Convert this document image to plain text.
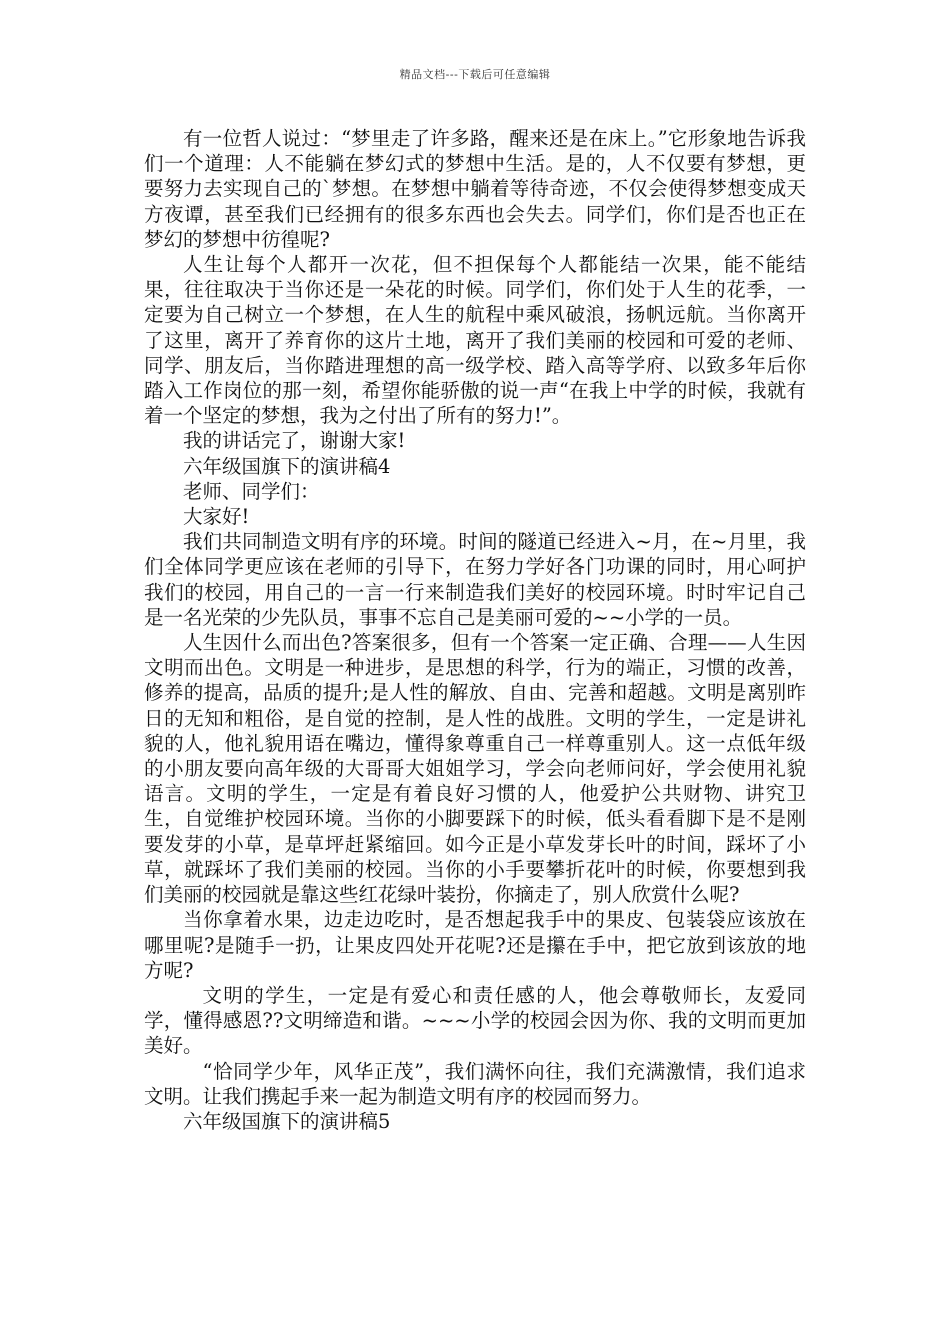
精品文档---下载后可任意编辑

有一位哲人说过：“梦里走了许多路，醒来还是在床上。”它形象地告诉我们一个道理：人不能躺在梦幻式的梦想中生活。是的，人不仅要有梦想，更要努力去实现自己的`梦想。在梦想中躺着等待奇迹，不仅会使得梦想变成天方夜谭，甚至我们已经拥有的很多东西也会失去。同学们，你们是否也正在梦幻的梦想中彷徨呢?

人生让每个人都开一次花，但不担保每个人都能结一次果，能不能结果，往往取决于当你还是一朵花的时候。同学们，你们处于人生的花季，一定要为自己树立一个梦想，在人生的航程中乘风破浪，扬帆远航。当你离开了这里，离开了养育你的这片土地，离开了我们美丽的校园和可爱的老师、同学、朋友后，当你踏进理想的高一级学校、踏入高等学府、以致多年后你踏入工作岗位的那一刻，希望你能骄傲的说一声“在我上中学的时候，我就有着一个坚定的梦想，我为之付出了所有的努力!”。

我的讲话完了，谢谢大家!

六年级国旗下的演讲稿4

老师、同学们：

大家好!

我们共同制造文明有序的环境。时间的隧道已经进入~月，在~月里，我们全体同学更应该在老师的引导下，在努力学好各门功课的同时，用心呵护我们的校园，用自己的一言一行来制造我们美好的校园环境。时时牢记自己是一名光荣的少先队员，事事不忘自己是美丽可爱的~~小学的一员。

人生因什么而出色?答案很多，但有一个答案一定正确、合理——人生因文明而出色。文明是一种进步，是思想的科学，行为的端正，习惯的改善，修养的提高，品质的提升;是人性的解放、自由、完善和超越。文明是离别昨日的无知和粗俗，是自觉的控制，是人性的战胜。文明的学生，一定是讲礼貌的人，他礼貌用语在嘴边，懂得象尊重自己一样尊重别人。这一点低年级的小朋友要向高年级的大哥哥大姐姐学习，学会向老师问好，学会使用礼貌语言。文明的学生，一定是有着良好习惯的人，他爱护公共财物、讲究卫生，自觉维护校园环境。当你的小脚要踩下的时候，低头看看脚下是不是刚要发芽的小草，是草坪赶紧缩回。如今正是小草发芽长叶的时间，踩坏了小草，就踩坏了我们美丽的校园。当你的小手要攀折花叶的时候，你要想到我们美丽的校园就是靠这些红花绿叶装扮，你摘走了，别人欣赏什么呢?

当你拿着水果，边走边吃时，是否想起我手中的果皮、包装袋应该放在哪里呢?是随手一扔，让果皮四处开花呢?还是攥在手中，把它放到该放的地方呢?

文明的学生，一定是有爱心和责任感的人，他会尊敬师长，友爱同学，懂得感恩??文明缔造和谐。~~~小学的校园会因为你、我的文明而更加美好。

“恰同学少年，风华正茂”，我们满怀向往，我们充满激情，我们追求文明。让我们携起手来一起为制造文明有序的校园而努力。

六年级国旗下的演讲稿5
